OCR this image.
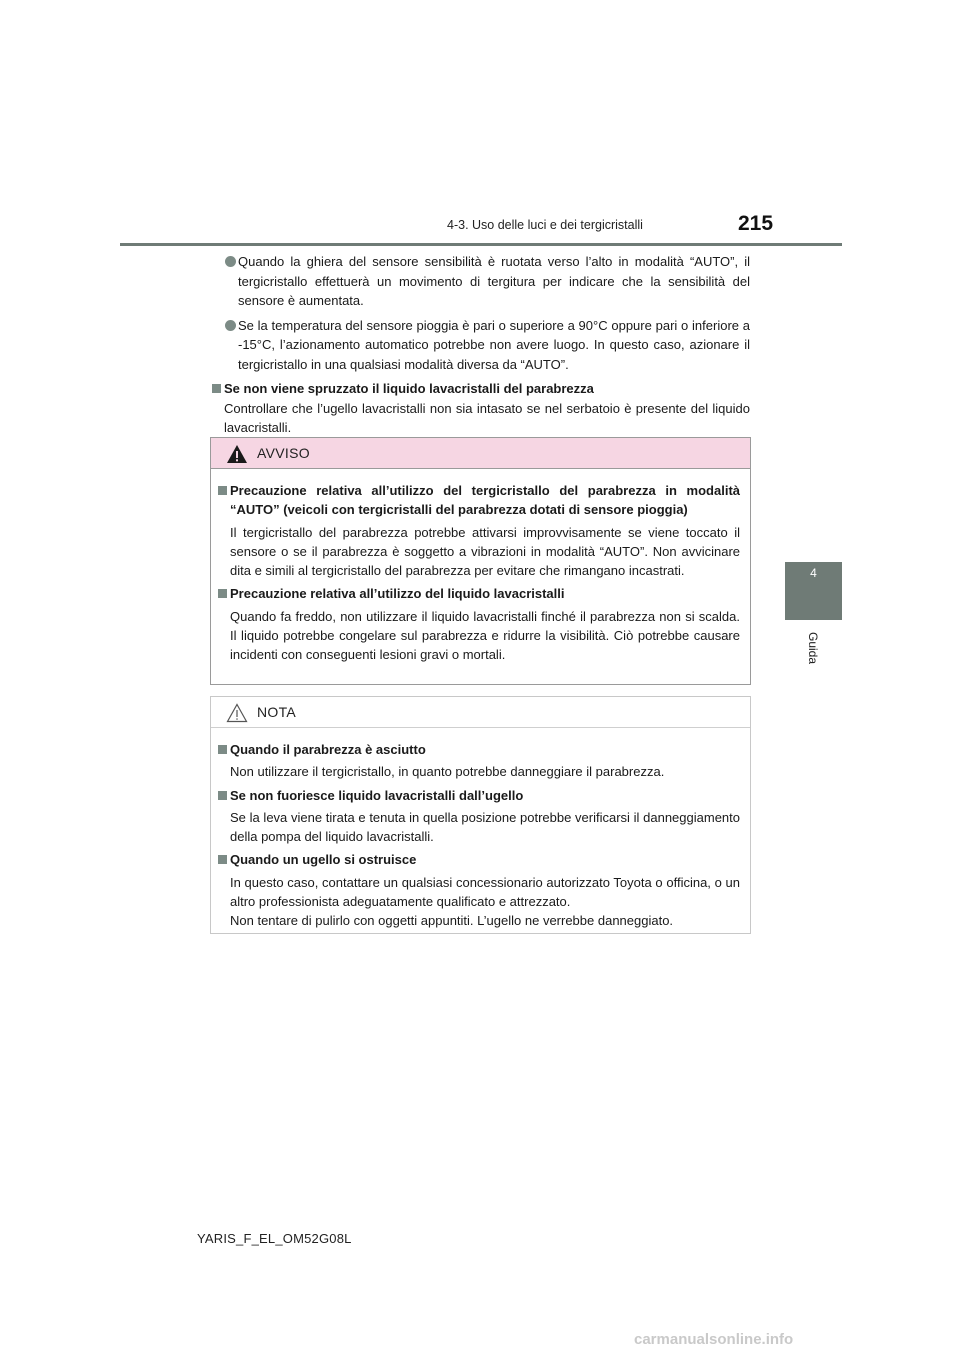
4-3. Uso delle luci e dei tergicristalli	215
4
Guida
Quando la ghiera del sensore sensibilità è ruotata verso l’alto in modalità “AUTO”, il tergicristallo effettuerà un movimento di tergitura per indicare che la sensibilità del sensore è aumentata.
Se la temperatura del sensore pioggia è pari o superiore a 90°C oppure pari o inferiore a -15°C, l’azionamento automatico potrebbe non avere luogo. In questo caso, azionare il tergicristallo in una qualsiasi modalità diversa da “AUTO”.
Se non viene spruzzato il liquido lavacristalli del parabrezza
Controllare che l’ugello lavacristalli non sia intasato se nel serbatoio è presente del liquido lavacristalli.
AVVISO
Precauzione relativa all’utilizzo del tergicristallo del parabrezza in modalità “AUTO” (veicoli con tergicristalli del parabrezza dotati di sensore pioggia)
Il tergicristallo del parabrezza potrebbe attivarsi improvvisamente se viene toccato il sensore o se il parabrezza è soggetto a vibrazioni in modalità “AUTO”. Non avvicinare dita e simili al tergicristallo del parabrezza per evitare che rimangano incastrati.
Precauzione relativa all’utilizzo del liquido lavacristalli
Quando fa freddo, non utilizzare il liquido lavacristalli finché il parabrezza non si scalda. Il liquido potrebbe congelare sul parabrezza e ridurre la visibilità. Ciò potrebbe causare incidenti con conseguenti lesioni gravi o mortali.
NOTA
Quando il parabrezza è asciutto
Non utilizzare il tergicristallo, in quanto potrebbe danneggiare il parabrezza.
Se non fuoriesce liquido lavacristalli dall’ugello
Se la leva viene tirata e tenuta in quella posizione potrebbe verificarsi il danneggiamento della pompa del liquido lavacristalli.
Quando un ugello si ostruisce
In questo caso, contattare un qualsiasi concessionario autorizzato Toyota o officina, o un altro professionista adeguatamente qualificato e attrezzato.
Non tentare di pulirlo con oggetti appuntiti. L’ugello ne verrebbe danneggiato.
YARIS_F_EL_OM52G08L
carmanualsonline.info
